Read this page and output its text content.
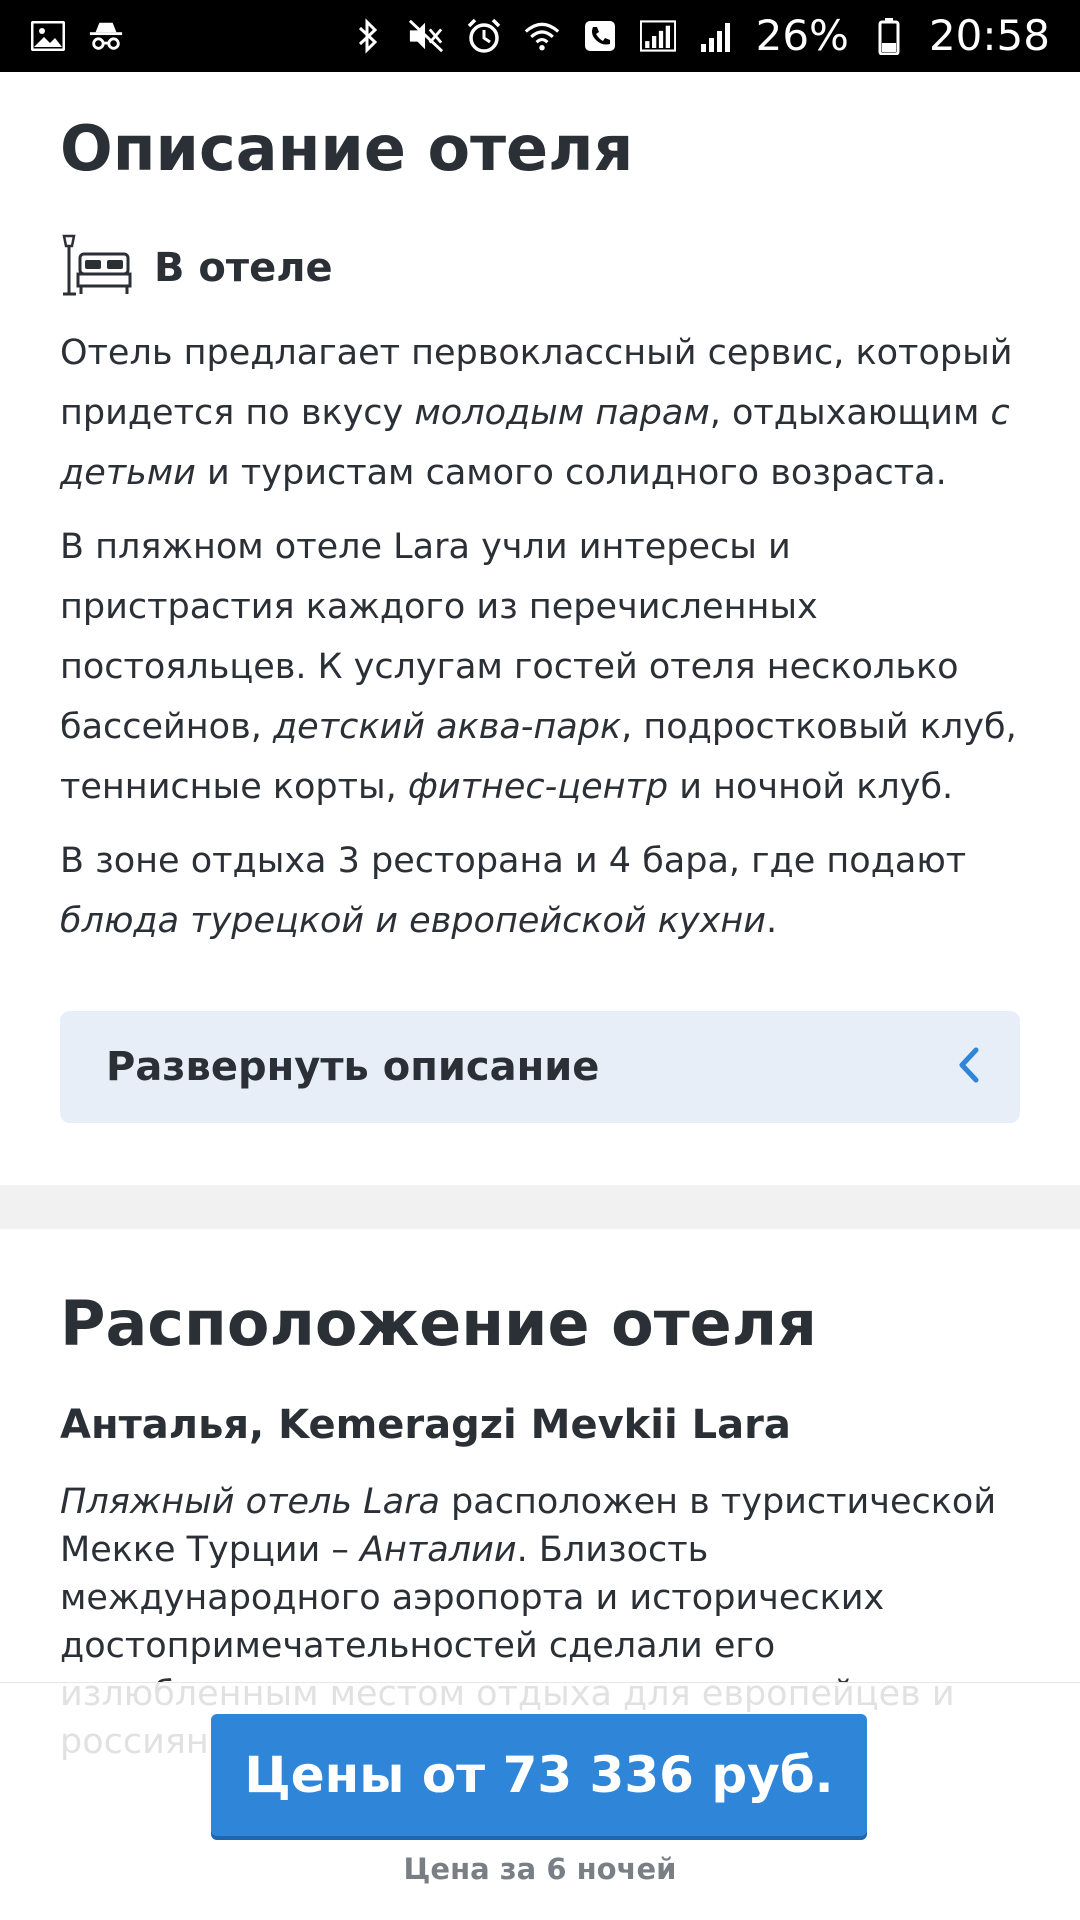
26% 20:58
Описание отеля
В отеле

Отель предлагает первоклассный сервис, который придется по вкусу молодым парам, отдыхающим с детьми и туристам самого солидного возраста.

В пляжном отеле Lara учли интересы и пристрастия каждого из перечисленных постояльцев. К услугам гостей отеля несколько бассейнов, детский аква-парк, подростковый клуб, теннисные корты, фитнес-центр и ночной клуб.

В зоне отдыха 3 ресторана и 4 бара, где подают блюда турецкой и европейской кухни.

Развернуть описание
Расположение отеля
Анталья, Kemeragzi Mevkii Lara

Пляжный отель Lara расположен в туристической Мекке Турции – Анталии. Близость международного аэропорта и исторических достопримечательностей сделали его

Цены от 73 336 руб.
Цена за 6 ночей
